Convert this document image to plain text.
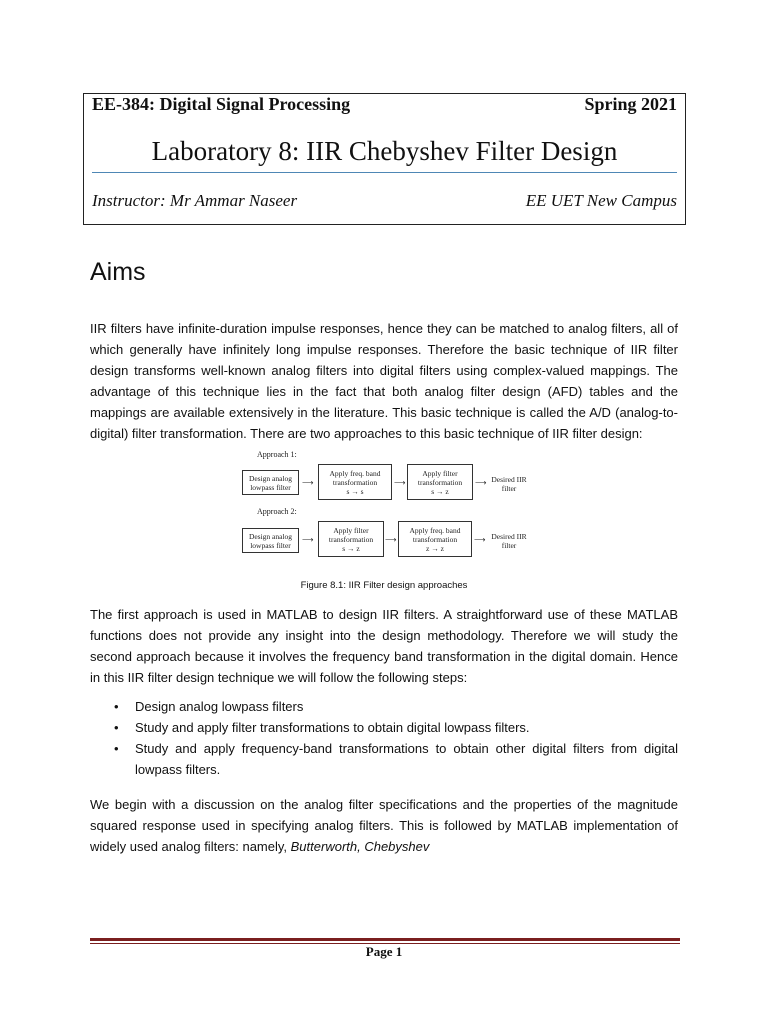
EE-384: Digital Signal Processing	Spring 2021
Laboratory 8: IIR Chebyshev Filter Design
Instructor: Mr Ammar Naseer	EE UET New Campus
Aims

IIR filters have infinite-duration impulse responses, hence they can be matched to analog filters, all of which generally have infinitely long impulse responses. Therefore the basic technique of IIR filter design transforms well-known analog filters into digital filters using complex-valued mappings. The advantage of this technique lies in the fact that both analog filter design (AFD) tables and the mappings are available extensively in the literature. This basic technique is called the A/D (analog-to-digital) filter transformation. There are two approaches to this basic technique of IIR filter design:

Approach 1:
Design analog lowpass filter	⟶
Apply freq. band
transformation
s → s
⟶
Apply filter
transformation
s → z
⟶ Desired IIR filter
Approach 2:
Design analog lowpass filter
⟶
Apply filter
transformation
s → z
⟶
Apply freq. band
transformation
z → z
⟶ Desired IIR filter
Figure 8.1: IIR Filter design approaches

The first approach is used in MATLAB to design IIR filters. A straightforward use of these MATLAB functions does not provide any insight into the design methodology. Therefore we will study the second approach because it involves the frequency band transformation in the digital domain. Hence in this IIR filter design technique we will follow the following steps:

• Design analog lowpass filters
• Study and apply filter transformations to obtain digital lowpass filters.
• Study and apply frequency-band transformations to obtain other digital filters from digital lowpass filters.

We begin with a discussion on the analog filter specifications and the properties of the magnitude squared response used in specifying analog filters. This is followed by MATLAB implementation of widely used analog filters: namely, Butterworth, Chebyshev

Page 1
